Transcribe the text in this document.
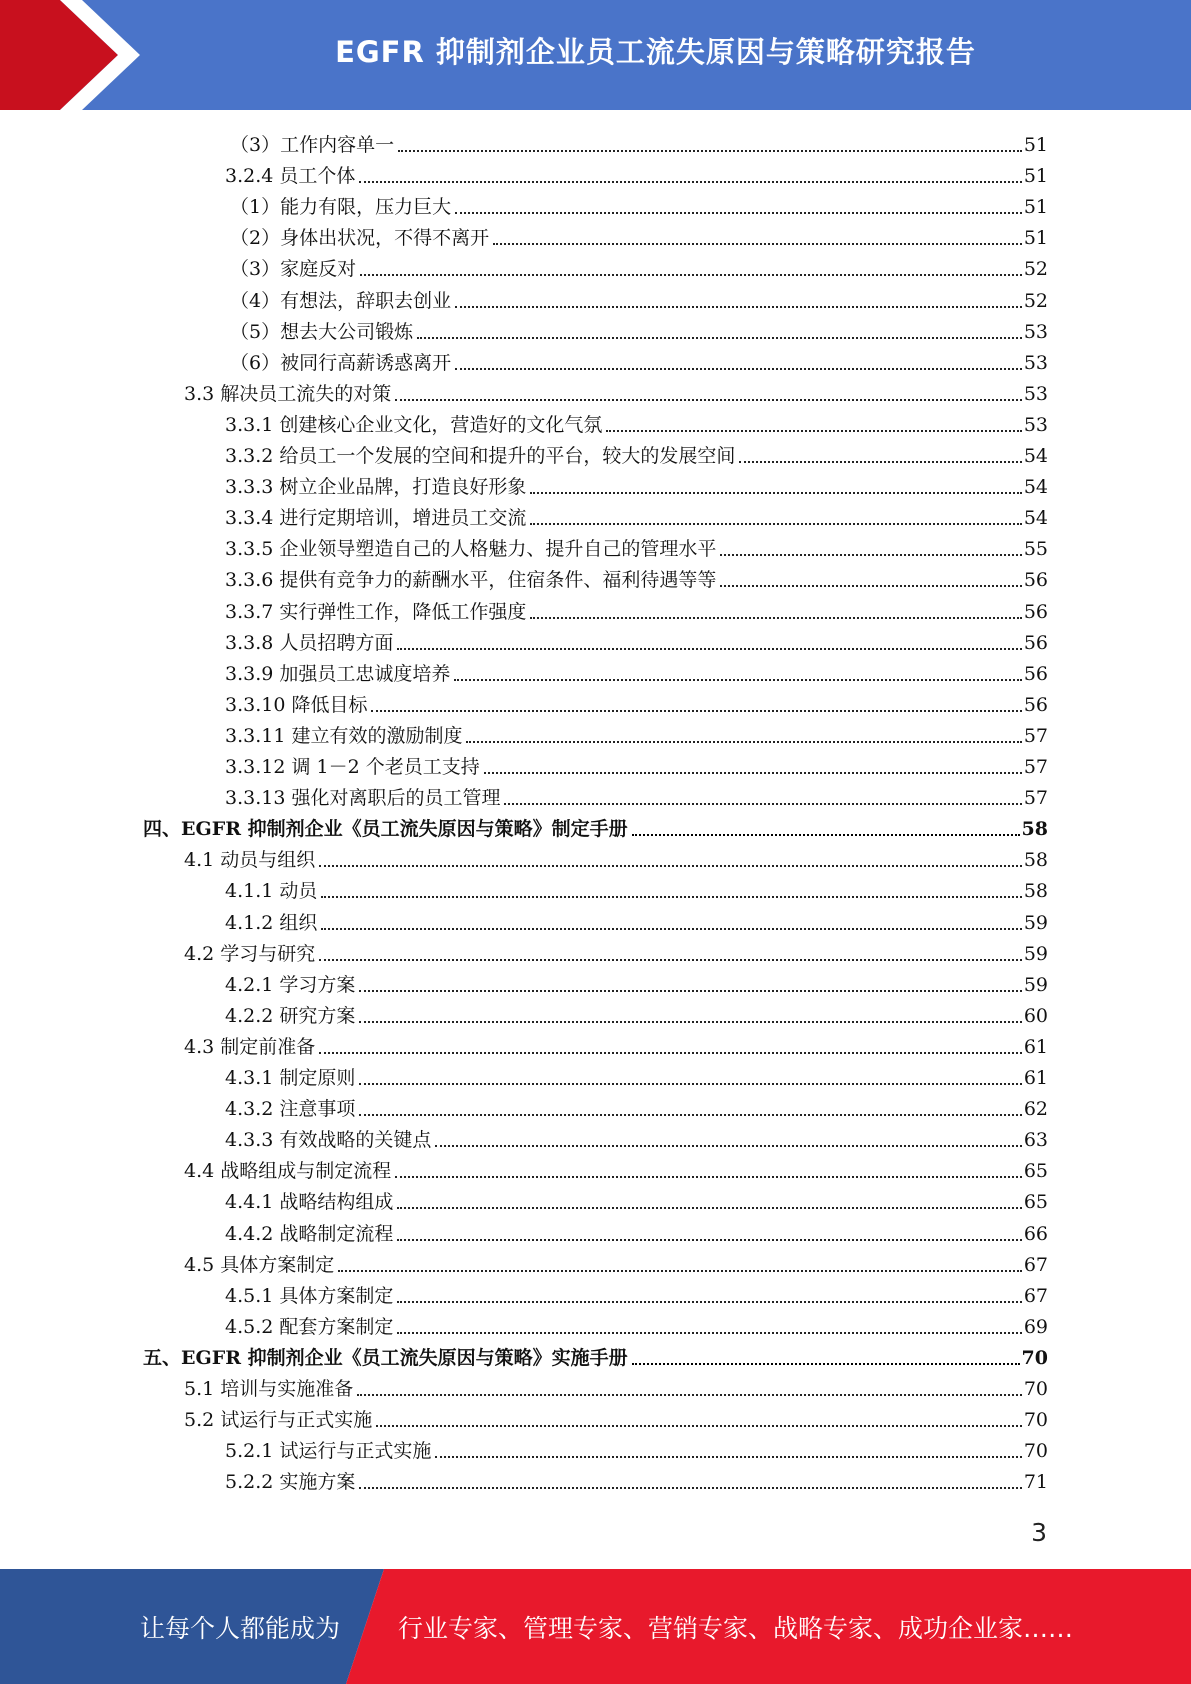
EGFR 抑制剂企业员工流失原因与策略研究报告
（3）工作内容单一	51
3.2.4 员工个体	51
（1）能力有限，压力巨大	51
（2）身体出状况，不得不离开	51
（3）家庭反对	52
（4）有想法，辞职去创业	52
（5）想去大公司锻炼	53
（6）被同行高薪诱惑离开	53
3.3 解决员工流失的对策	53
3.3.1 创建核心企业文化，营造好的文化气氛	53
3.3.2 给员工一个发展的空间和提升的平台，较大的发展空间	54
3.3.3 树立企业品牌，打造良好形象	54
3.3.4 进行定期培训，增进员工交流	54
3.3.5 企业领导塑造自己的人格魅力、提升自己的管理水平	55
3.3.6 提供有竞争力的薪酬水平，住宿条件、福利待遇等等	56
3.3.7 实行弹性工作，降低工作强度	56
3.3.8 人员招聘方面	56
3.3.9 加强员工忠诚度培养	56
3.3.10 降低目标	56
3.3.11 建立有效的激励制度	57
3.3.12 调 1－2 个老员工支持	57
3.3.13 强化对离职后的员工管理	57
四、EGFR 抑制剂企业《员工流失原因与策略》制定手册	58
4.1 动员与组织	58
4.1.1 动员	58
4.1.2 组织	59
4.2 学习与研究	59
4.2.1 学习方案	59
4.2.2 研究方案	60
4.3 制定前准备	61
4.3.1 制定原则	61
4.3.2 注意事项	62
4.3.3 有效战略的关键点	63
4.4 战略组成与制定流程	65
4.4.1 战略结构组成	65
4.4.2 战略制定流程	66
4.5 具体方案制定	67
4.5.1 具体方案制定	67
4.5.2 配套方案制定	69
五、EGFR 抑制剂企业《员工流失原因与策略》实施手册	70
5.1 培训与实施准备	70
5.2 试运行与正式实施	70
5.2.1 试运行与正式实施	70
5.2.2 实施方案	71
3
让每个人都能成为	行业专家、管理专家、营销专家、战略专家、成功企业家……
